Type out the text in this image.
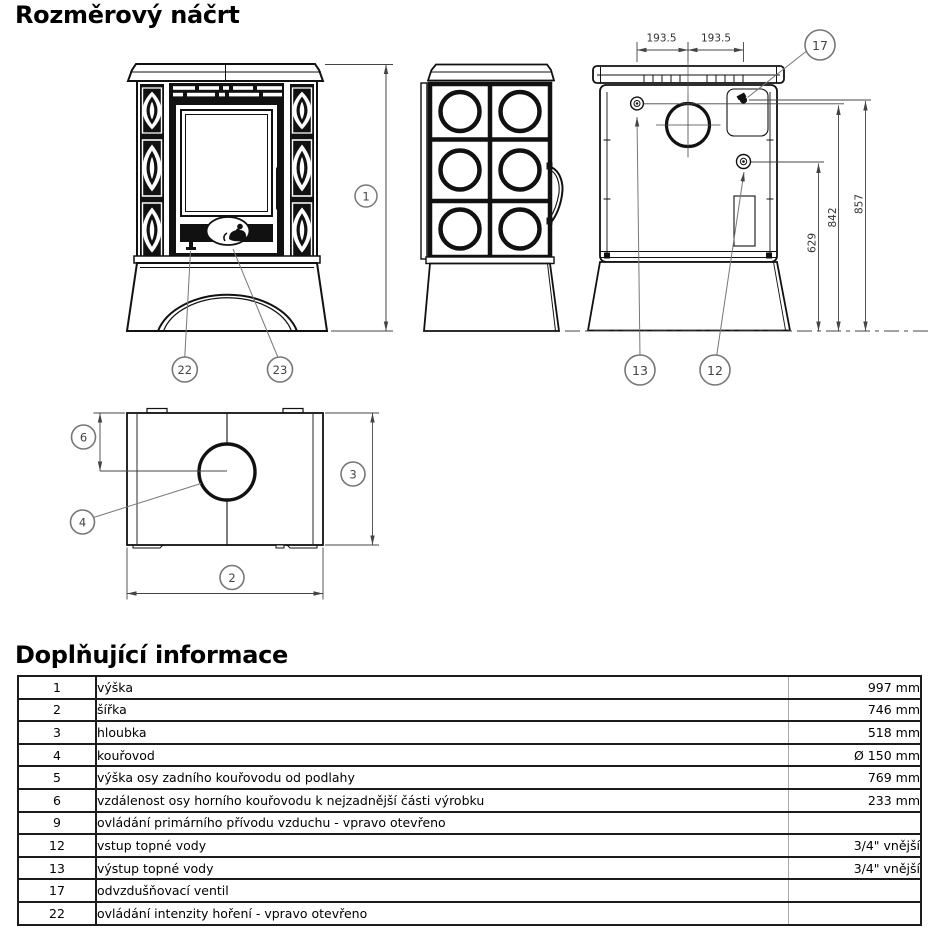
Rozměrový náčrt
1
22	23
193.5 193.5
629
842
857
13	12
17
6
4
3
2
Doplňující informace
1	výška	997 mm
2	šířka	746 mm
3	hloubka	518 mm
4	kouřovod	Ø 150 mm
5	výška osy zadního kouřovodu od podlahy	769 mm
6	vzdálenost osy horního kouřovodu k nejzadnější části výrobku	233 mm
9	ovládání primárního přívodu vzduchu - vpravo otevřeno	
12	vstup topné vody	3/4" vnější
13	výstup topné vody	3/4" vnější
17	odvzdušňovací ventil	
22	ovládání intenzity hoření - vpravo otevřeno	
